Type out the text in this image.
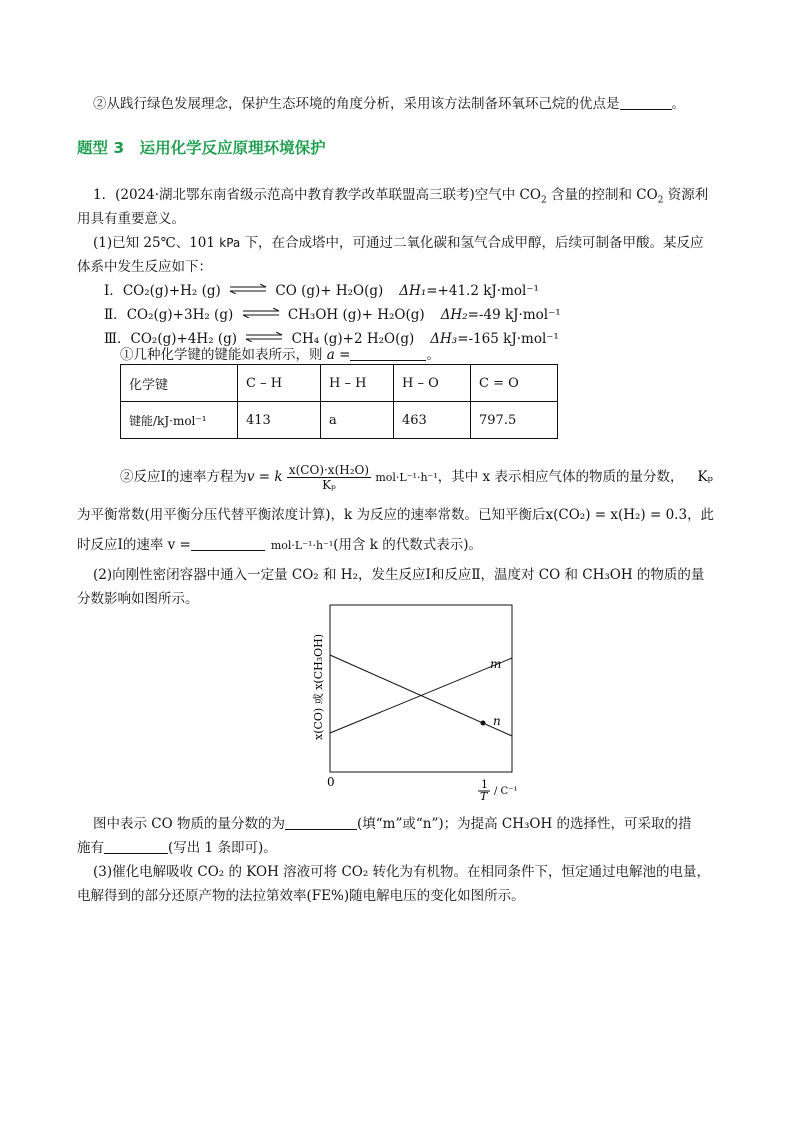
②从践行绿色发展理念，保护生态环境的角度分析，采用该方法制备环氧环己烷的优点是	。
题型 3　运用化学反应原理环境保护
1．(2024·湖北鄂东南省级示范高中教育教学改革联盟高三联考)空气中 $CO_2$ 含量的控制和 $CO_2$ 资源利
用具有重要意义。
(1)已知 25℃、101 kPa 下，在合成塔中，可通过二氧化碳和氢气合成甲醇，后续可制备甲酸。某反应
体系中发生反应如下：
Ⅰ．CO₂(g)+H₂ (g) ⇌ CO (g)+ H₂O(g) ΔH₁=+41.2 kJ·mol⁻¹
Ⅱ．CO₂(g)+3H₂ (g) ⇌ CH₃OH (g)+ H₂O(g) ΔH₂=-49 kJ·mol⁻¹
Ⅲ．CO₂(g)+4H₂ (g) ⇌ CH₄ (g)+2 H₂O(g) ΔH₃=-165 kJ·mol⁻¹
①几种化学键的键能如表所示，则 a =	。
化学键	C – H	H – H	H – O	C = O
键能/kJ·mol⁻¹	413	a	463	797.5
②反应Ⅰ的速率方程为v = k $\frac{\text{x(CO)·x(H₂O)}}{\text{Kₚ}} mol\cdot L^{-1}\cdot h^{-1}$，其中 x 表示相应气体的物质的量分数， Kₚ
为平衡常数(用平衡分压代替平衡浓度计算)，k 为反应的速率常数。已知平衡后x(CO₂) = x(H₂) = 0.3，此
时反应Ⅰ的速率 v =	mol·L⁻¹·h⁻¹(用含 k 的代数式表示)。
(2)向刚性密闭容器中通入一定量 CO₂ 和 H₂，发生反应Ⅰ和反应Ⅱ，温度对 CO 和 CH₃OH 的物质的量
分数影响如图所示。
m
n
x(CO) 或 x(CH₃OH)
0	1
T / C⁻¹
图中表示 CO 物质的量分数的为	(填“m”或“n”)；为提高 CH₃OH 的选择性，可采取的措
施有	(写出 1 条即可)。
(3)催化电解吸收 CO₂ 的 KOH 溶液可将 CO₂ 转化为有机物。在相同条件下，恒定通过电解池的电量，
电解得到的部分还原产物的法拉第效率(FE%)随电解电压的变化如图所示。
